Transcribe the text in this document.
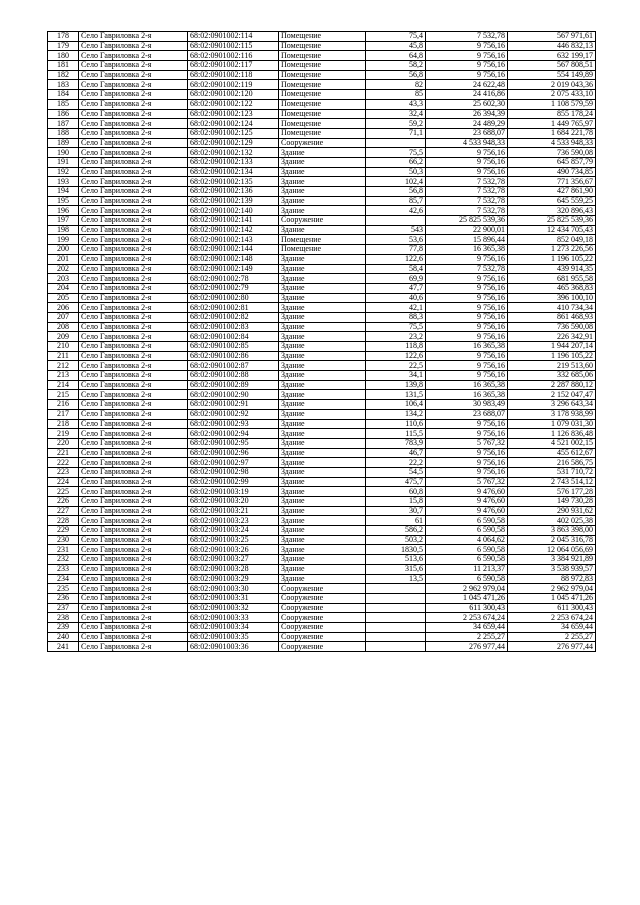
178	Село Гавриловка 2-я	68:02:0901002:114	Помещение	75,4	7 532,78	567 971,61
179	Село Гавриловка 2-я	68:02:0901002:115	Помещение	45,8	9 756,16	446 832,13
180	Село Гавриловка 2-я	68:02:0901002:116	Помещение	64,8	9 756,16	632 199,17
181	Село Гавриловка 2-я	68:02:0901002:117	Помещение	58,2	9 756,16	567 808,51
182	Село Гавриловка 2-я	68:02:0901002:118	Помещение	56,8	9 756,16	554 149,89
183	Село Гавриловка 2-я	68:02:0901002:119	Помещение	82	24 622,48	2 019 043,36
184	Село Гавриловка 2-я	68:02:0901002:120	Помещение	85	24 416,86	2 075 433,10
185	Село Гавриловка 2-я	68:02:0901002:122	Помещение	43,3	25 602,30	1 108 579,59
186	Село Гавриловка 2-я	68:02:0901002:123	Помещение	32,4	26 394,39	855 178,24
187	Село Гавриловка 2-я	68:02:0901002:124	Помещение	59,2	24 489,29	1 449 765,97
188	Село Гавриловка 2-я	68:02:0901002:125	Помещение	71,1	23 688,07	1 684 221,78
189	Село Гавриловка 2-я	68:02:0901002:129	Сооружение		4 533 948,33	4 533 948,33
190	Село Гавриловка 2-я	68:02:0901002:132	Здание	75,5	9 756,16	736 590,08
191	Село Гавриловка 2-я	68:02:0901002:133	Здание	66,2	9 756,16	645 857,79
192	Село Гавриловка 2-я	68:02:0901002:134	Здание	50,3	9 756,16	490 734,85
193	Село Гавриловка 2-я	68:02:0901002:135	Здание	102,4	7 532,78	771 356,67
194	Село Гавриловка 2-я	68:02:0901002:136	Здание	56,8	7 532,78	427 861,90
195	Село Гавриловка 2-я	68:02:0901002:139	Здание	85,7	7 532,78	645 559,25
196	Село Гавриловка 2-я	68:02:0901002:140	Здание	42,6	7 532,78	320 896,43
197	Село Гавриловка 2-я	68:02:0901002:141	Сооружение		25 825 539,36	25 825 539,36
198	Село Гавриловка 2-я	68:02:0901002:142	Здание	543	22 900,01	12 434 705,43
199	Село Гавриловка 2-я	68:02:0901002:143	Помещение	53,6	15 896,44	852 049,18
200	Село Гавриловка 2-я	68:02:0901002:144	Помещение	77,8	16 365,38	1 273 226,56
201	Село Гавриловка 2-я	68:02:0901002:148	Здание	122,6	9 756,16	1 196 105,22
202	Село Гавриловка 2-я	68:02:0901002:149	Здание	58,4	7 532,78	439 914,35
203	Село Гавриловка 2-я	68:02:0901002:78	Здание	69,9	9 756,16	681 955,58
204	Село Гавриловка 2-я	68:02:0901002:79	Здание	47,7	9 756,16	465 368,83
205	Село Гавриловка 2-я	68:02:0901002:80	Здание	40,6	9 756,16	396 100,10
206	Село Гавриловка 2-я	68:02:0901002:81	Здание	42,1	9 756,16	410 734,34
207	Село Гавриловка 2-я	68:02:0901002:82	Здание	88,3	9 756,16	861 468,93
208	Село Гавриловка 2-я	68:02:0901002:83	Здание	75,5	9 756,16	736 590,08
209	Село Гавриловка 2-я	68:02:0901002:84	Здание	23,2	9 756,16	226 342,91
210	Село Гавриловка 2-я	68:02:0901002:85	Здание	118,8	16 365,38	1 944 207,14
211	Село Гавриловка 2-я	68:02:0901002:86	Здание	122,6	9 756,16	1 196 105,22
212	Село Гавриловка 2-я	68:02:0901002:87	Здание	22,5	9 756,16	219 513,60
213	Село Гавриловка 2-я	68:02:0901002:88	Здание	34,1	9 756,16	332 685,06
214	Село Гавриловка 2-я	68:02:0901002:89	Здание	139,8	16 365,38	2 287 880,12
215	Село Гавриловка 2-я	68:02:0901002:90	Здание	131,5	16 365,38	2 152 047,47
216	Село Гавриловка 2-я	68:02:0901002:91	Здание	106,4	30 983,49	3 296 643,34
217	Село Гавриловка 2-я	68:02:0901002:92	Здание	134,2	23 688,07	3 178 938,99
218	Село Гавриловка 2-я	68:02:0901002:93	Здание	110,6	9 756,16	1 079 031,30
219	Село Гавриловка 2-я	68:02:0901002:94	Здание	115,5	9 756,16	1 126 836,48
220	Село Гавриловка 2-я	68:02:0901002:95	Здание	783,9	5 767,32	4 521 002,15
221	Село Гавриловка 2-я	68:02:0901002:96	Здание	46,7	9 756,16	455 612,67
222	Село Гавриловка 2-я	68:02:0901002:97	Здание	22,2	9 756,16	216 586,75
223	Село Гавриловка 2-я	68:02:0901002:98	Здание	54,5	9 756,16	531 710,72
224	Село Гавриловка 2-я	68:02:0901002:99	Здание	475,7	5 767,32	2 743 514,12
225	Село Гавриловка 2-я	68:02:0901003:19	Здание	60,8	9 476,60	576 177,28
226	Село Гавриловка 2-я	68:02:0901003:20	Здание	15,8	9 476,60	149 730,28
227	Село Гавриловка 2-я	68:02:0901003:21	Здание	30,7	9 476,60	290 931,62
228	Село Гавриловка 2-я	68:02:0901003:23	Здание	61	6 590,58	402 025,38
229	Село Гавриловка 2-я	68:02:0901003:24	Здание	586,2	6 590,58	3 863 398,00
230	Село Гавриловка 2-я	68:02:0901003:25	Здание	503,2	4 064,62	2 045 316,78
231	Село Гавриловка 2-я	68:02:0901003:26	Здание	1830,5	6 590,58	12 064 056,69
232	Село Гавриловка 2-я	68:02:0901003:27	Здание	513,6	6 590,58	3 384 921,89
233	Село Гавриловка 2-я	68:02:0901003:28	Здание	315,6	11 213,37	3 538 939,57
234	Село Гавриловка 2-я	68:02:0901003:29	Здание	13,5	6 590,58	88 972,83
235	Село Гавриловка 2-я	68:02:0901003:30	Сооружение		2 962 979,04	2 962 979,04
236	Село Гавриловка 2-я	68:02:0901003:31	Сооружение		1 045 471,26	1 045 471,26
237	Село Гавриловка 2-я	68:02:0901003:32	Сооружение		611 300,43	611 300,43
238	Село Гавриловка 2-я	68:02:0901003:33	Сооружение		2 253 674,24	2 253 674,24
239	Село Гавриловка 2-я	68:02:0901003:34	Сооружение		34 659,44	34 659,44
240	Село Гавриловка 2-я	68:02:0901003:35	Сооружение		2 255,27	2 255,27
241	Село Гавриловка 2-я	68:02:0901003:36	Сооружение		276 977,44	276 977,44
